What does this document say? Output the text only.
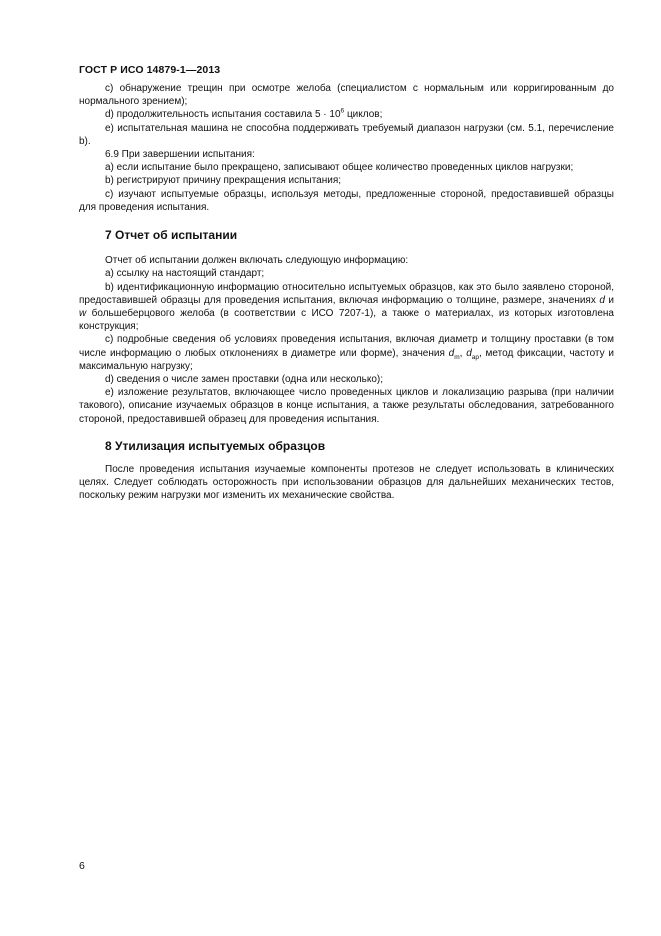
ГОСТ Р ИСО 14879-1—2013

c) обнаружение трещин при осмотре желоба (специалистом с нормальным или корригированным до нормального зрением);

d) продолжительность испытания составила $5 \cdot 10^6$ циклов;

e) испытательная машина не способна поддерживать требуемый диапазон нагрузки (см. 5.1, перечисление b).

6.9 При завершении испытания:

a) если испытание было прекращено, записывают общее количество проведенных циклов нагрузки;

b) регистрируют причину прекращения испытания;

c) изучают испытуемые образцы, используя методы, предложенные стороной, предоставившей образцы для проведения испытания.

7 Отчет об испытании

Отчет об испытании должен включать следующую информацию:

a) ссылку на настоящий стандарт;

b) идентификационную информацию относительно испытуемых образцов, как это было заявлено стороной, предоставившей образцы для проведения испытания, включая информацию о толщине, размере, значениях d и w большеберцового желоба (в соответствии с ИСО 7207-1), а также о материалах, из которых изготовлена конструкция;

c) подробные сведения об условиях проведения испытания, включая диаметр и толщину проставки (в том числе информацию о любых отклонениях в диаметре или форме), значения $d_m$, $d_{ap}$, метод фиксации, частоту и максимальную нагрузку;

d) сведения о числе замен проставки (одна или несколько);

e) изложение результатов, включающее число проведенных циклов и локализацию разрыва (при наличии такового), описание изучаемых образцов в конце испытания, а также результаты обследования, затребованного стороной, предоставившей образец для проведения испытания.

8 Утилизация испытуемых образцов

После проведения испытания изучаемые компоненты протезов не следует использовать в клинических целях. Следует соблюдать осторожность при использовании образцов для дальнейших механических тестов, поскольку режим нагрузки мог изменить их механические свойства.

6
